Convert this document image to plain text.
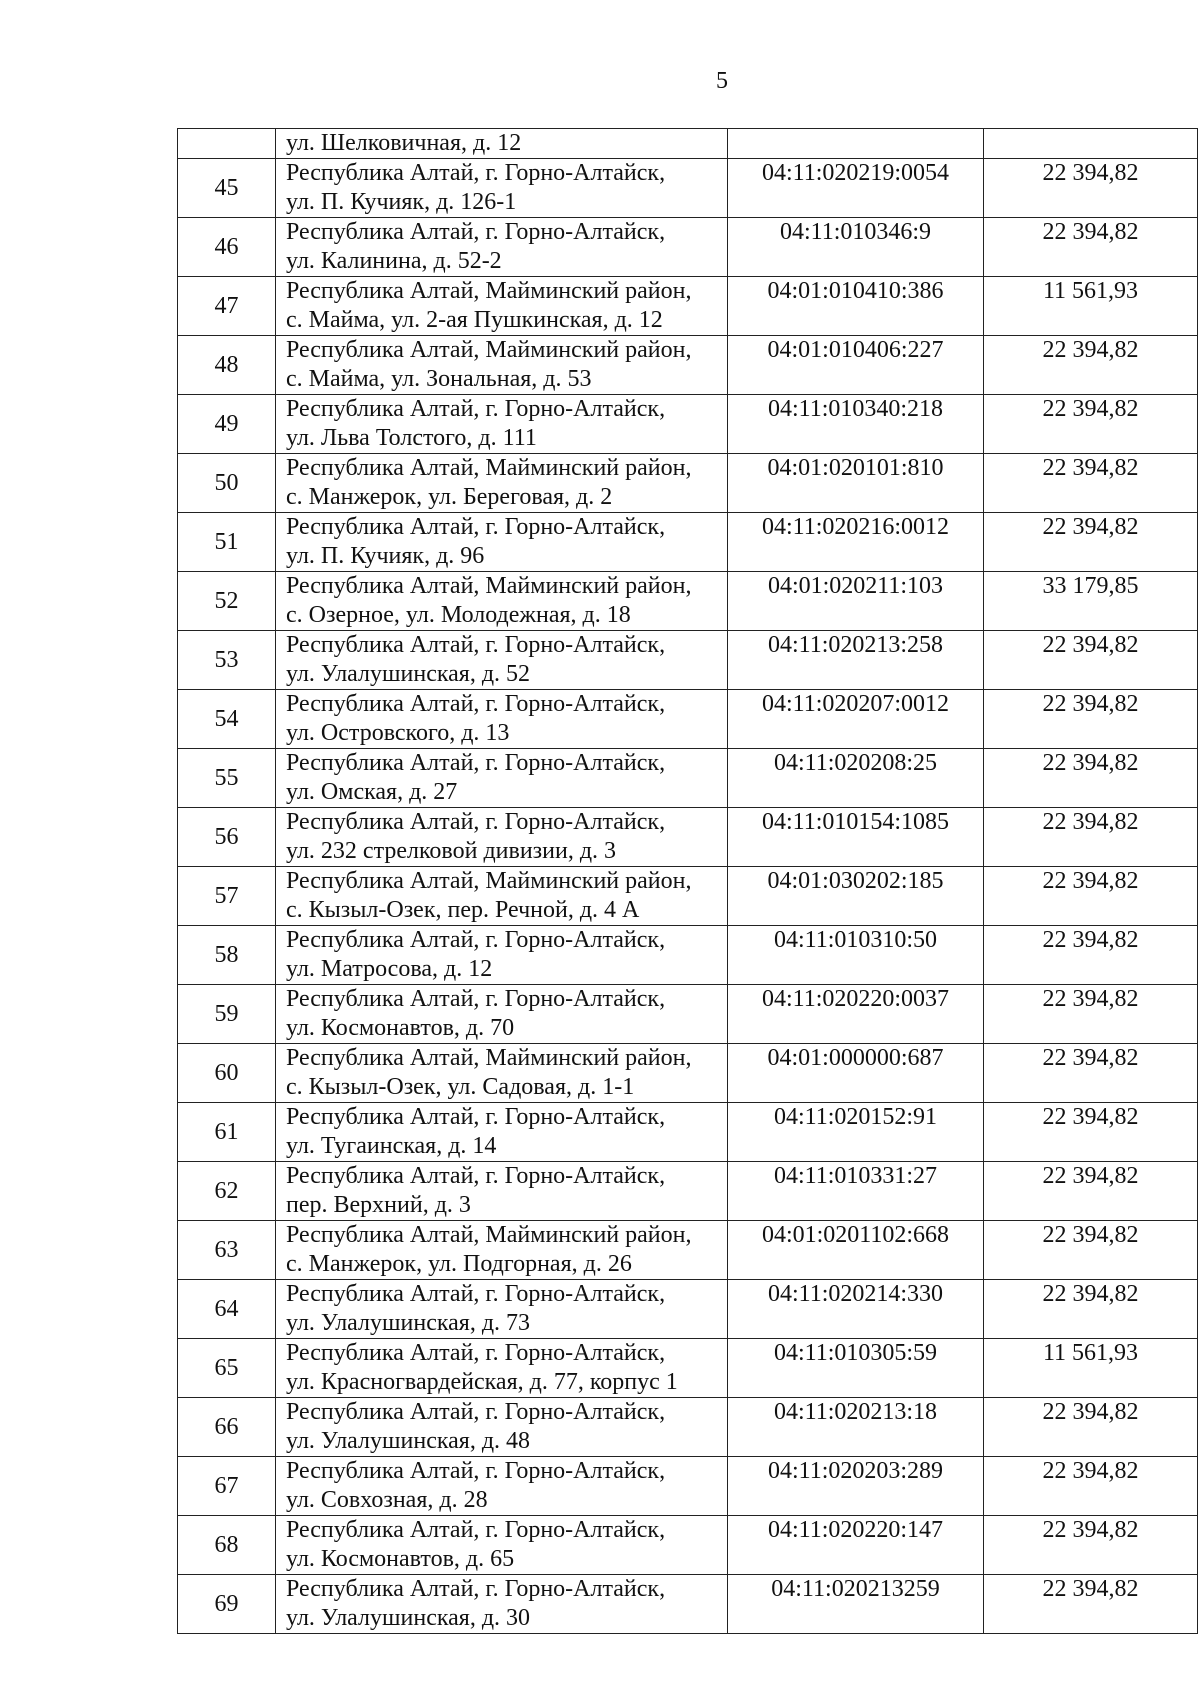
5

	ул. Шелковичная, д. 12		

45	Республика Алтай, г. Горно-Алтайск,
ул. П. Кучияк, д. 126-1	04:11:020219:0054	22 394,82
46	Республика Алтай, г. Горно-Алтайск,
ул. Калинина, д. 52-2	04:11:010346:9	22 394,82
47	Республика Алтай, Майминский район,
с. Майма, ул. 2-ая Пушкинская, д. 12	04:01:010410:386	11 561,93
48	Республика Алтай, Майминский район,
с. Майма, ул. Зональная, д. 53	04:01:010406:227	22 394,82
49	Республика Алтай, г. Горно-Алтайск,
ул. Льва Толстого, д. 111	04:11:010340:218	22 394,82
50	Республика Алтай, Майминский район,
с. Манжерок, ул. Береговая, д. 2	04:01:020101:810	22 394,82
51	Республика Алтай, г. Горно-Алтайск,
ул. П. Кучияк, д. 96	04:11:020216:0012	22 394,82
52	Республика Алтай, Майминский район,
с. Озерное, ул. Молодежная, д. 18	04:01:020211:103	33 179,85
53	Республика Алтай, г. Горно-Алтайск,
ул. Улалушинская, д. 52	04:11:020213:258	22 394,82
54	Республика Алтай, г. Горно-Алтайск,
ул. Островского, д. 13	04:11:020207:0012	22 394,82
55	Республика Алтай, г. Горно-Алтайск,
ул. Омская, д. 27	04:11:020208:25	22 394,82
56	Республика Алтай, г. Горно-Алтайск,
ул. 232 стрелковой дивизии, д. 3	04:11:010154:1085	22 394,82
57	Республика Алтай, Майминский район,
с. Кызыл-Озек, пер. Речной, д. 4 А	04:01:030202:185	22 394,82
58	Республика Алтай, г. Горно-Алтайск,
ул. Матросова, д. 12	04:11:010310:50	22 394,82
59	Республика Алтай, г. Горно-Алтайск,
ул. Космонавтов, д. 70	04:11:020220:0037	22 394,82
60	Республика Алтай, Майминский район,
с. Кызыл-Озек, ул. Садовая, д. 1-1	04:01:000000:687	22 394,82
61	Республика Алтай, г. Горно-Алтайск,
ул. Тугаинская, д. 14	04:11:020152:91	22 394,82
62	Республика Алтай, г. Горно-Алтайск,
пер. Верхний, д. 3	04:11:010331:27	22 394,82
63	Республика Алтай, Майминский район,
с. Манжерок, ул. Подгорная, д. 26	04:01:0201102:668	22 394,82
64	Республика Алтай, г. Горно-Алтайск,
ул. Улалушинская, д. 73	04:11:020214:330	22 394,82
65	Республика Алтай, г. Горно-Алтайск,
ул. Красногвардейская, д. 77, корпус 1	04:11:010305:59	11 561,93
66	Республика Алтай, г. Горно-Алтайск,
ул. Улалушинская, д. 48	04:11:020213:18	22 394,82
67	Республика Алтай, г. Горно-Алтайск,
ул. Совхозная, д. 28	04:11:020203:289	22 394,82
68	Республика Алтай, г. Горно-Алтайск,
ул. Космонавтов, д. 65	04:11:020220:147	22 394,82
69	Республика Алтай, г. Горно-Алтайск,
ул. Улалушинская, д. 30	04:11:020213259	22 394,82
